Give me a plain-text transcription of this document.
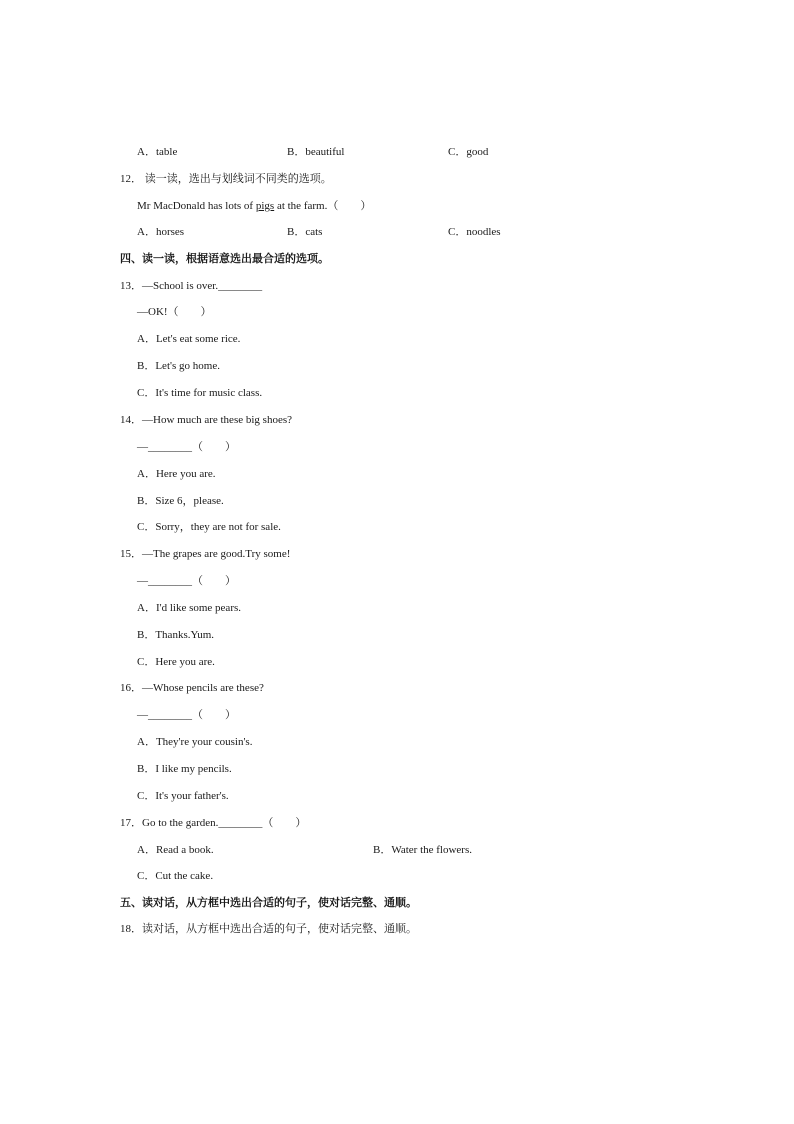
A．table	B．beautiful	C．good
12． 读一读，选出与划线词不同类的选项。
Mr MacDonald has lots of pigs at the farm.（　　）
A．horses	B．cats	C．noodles
四、读一读，根据语意选出最合适的选项。
13．—School is over.________
—OK!（　　）
A．Let's eat some rice.
B．Let's go home.
C．It's time for music class.
14．—How much are these big shoes?
—________（　　）
A．Here you are.
B．Size 6，please.
C．Sorry，they are not for sale.
15．—The grapes are good.Try some!
—________（　　）
A．I'd like some pears.
B．Thanks.Yum.
C．Here you are.
16．—Whose pencils are these?
—________（　　）
A．They're your cousin's.
B．I like my pencils.
C．It's your father's.
17．Go to the garden.________（　　）
A．Read a book.	B．Water the flowers.
C．Cut the cake.
五、读对话，从方框中选出合适的句子，使对话完整、通顺。
18．读对话，从方框中选出合适的句子，使对话完整、通顺。
